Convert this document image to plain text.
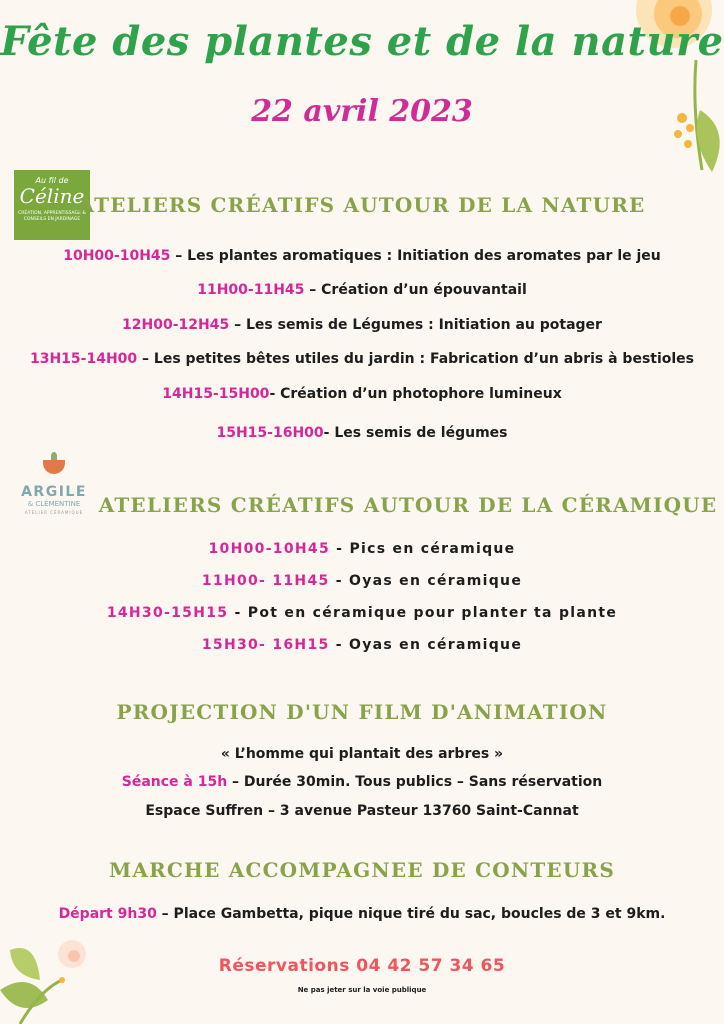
Fête des plantes et de la nature
22 avril 2023
Au fil de
Céline
CRÉATION, APPRENTISSAGE & CONSEILS EN JARDINAGE
ATELIERS CRÉATIFS AUTOUR DE LA NATURE
10H00-10H45 – Les plantes aromatiques : Initiation des aromates par le jeu
11H00-11H45 – Création d’un épouvantail
12H00-12H45 – Les semis de Légumes : Initiation au potager
13H15-14H00 – Les petites bêtes utiles du jardin : Fabrication d’un abris à bestioles
14H15-15H00- Création d’un photophore lumineux
15H15-16H00- Les semis de légumes
ARGILE
& CLÉMENTINE
ATELIER CÉRAMIQUE ATELIERS CRÉATIFS AUTOUR DE LA CÉRAMIQUE
10H00-10H45 - Pics en céramique
11H00- 11H45 - Oyas en céramique
14H30-15H15 - Pot en céramique pour planter ta plante
15H30- 16H15 - Oyas en céramique
PROJECTION D'UN FILM D'ANIMATION
« L’homme qui plantait des arbres »
Séance à 15h – Durée 30min. Tous publics – Sans réservation
Espace Suffren – 3 avenue Pasteur 13760 Saint-Cannat
MARCHE ACCOMPAGNEE DE CONTEURS
Départ 9h30 – Place Gambetta, pique nique tiré du sac, boucles de 3 et 9km.
Réservations 04 42 57 34 65
Ne pas jeter sur la voie publique
